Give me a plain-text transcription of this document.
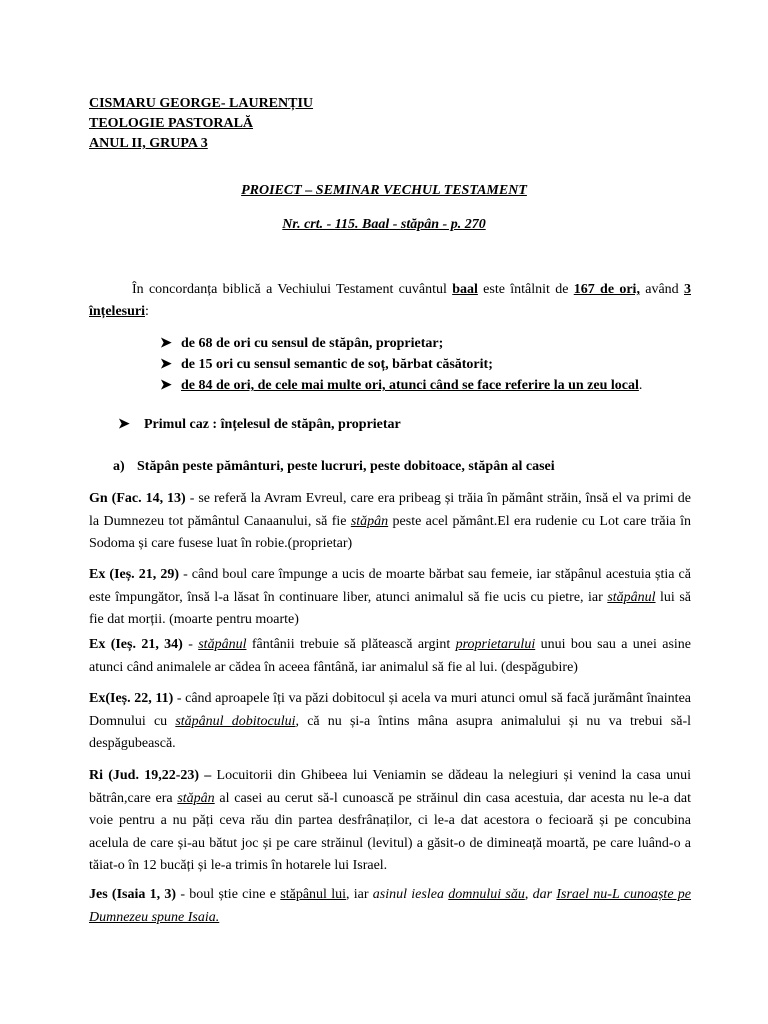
CISMARU GEORGE- LAURENȚIU
TEOLOGIE PASTORALĂ
ANUL II, GRUPA 3
PROIECT – SEMINAR VECHUL TESTAMENT
Nr. crt. - 115. Baal - stăpân - p. 270

În concordanța biblică a Vechiului Testament cuvântul baal este întâlnit de 167 de ori, având 3 înțelesuri:

➤ de 68 de ori cu sensul de stăpân, proprietar;
➤ de 15 ori cu sensul semantic de soț, bărbat căsătorit;
➤ de 84 de ori, de cele mai multe ori, atunci când se face referire la un zeu local.
➤ Primul caz : înțelesul de stăpân, proprietar
a) Stăpân peste pământuri, peste lucruri, peste dobitoace, stăpân al casei

Gn (Fac. 14, 13) - se referă la Avram Evreul, care era pribeag și trăia în pământ străin, însă el va primi de la Dumnezeu tot pământul Canaanului, să fie stăpân peste acel pământ.El era rudenie cu Lot care trăia în Sodoma și care fusese luat în robie.(proprietar)

Ex (Ieș. 21, 29) - când boul care împunge a ucis de moarte bărbat sau femeie, iar stăpânul acestuia știa că este împungător, însă l-a lăsat în continuare liber, atunci animalul să fie ucis cu pietre, iar stăpânul lui să fie dat morții. (moarte pentru moarte)

Ex (Ieș. 21, 34) - stăpânul fântânii trebuie să plătească argint proprietarului unui bou sau a unei asine atunci când animalele ar cădea în aceea fântână, iar animalul să fie al lui. (despăgubire)

Ex(Ieș. 22, 11) - când aproapele îți va păzi dobitocul și acela va muri atunci omul să facă jurământ înaintea Domnului cu stăpânul dobitocului, că nu și-a întins mâna asupra animalului și nu va trebui să-l despăgubească.

Ri (Jud. 19,22-23) – Locuitorii din Ghibeea lui Veniamin se dădeau la nelegiuri și venind la casa unui bătrân,care era stăpân al casei au cerut să-l cunoască pe străinul din casa acestuia, dar acesta nu le-a dat voie pentru a nu păți ceva rău din partea desfrânaților, ci le-a dat acestora o fecioară și pe concubina acelula de care și-au bătut joc și pe care străinul (levitul) a găsit-o de dimineață moartă, pe care luând-o a tăiat-o în 12 bucăți și le-a trimis în hotarele lui Israel.

Jes (Isaia 1, 3) - boul știe cine e stăpânul lui, iar asinul ieslea domnului său, dar Israel nu-L cunoaște pe Dumnezeu spune Isaia.
